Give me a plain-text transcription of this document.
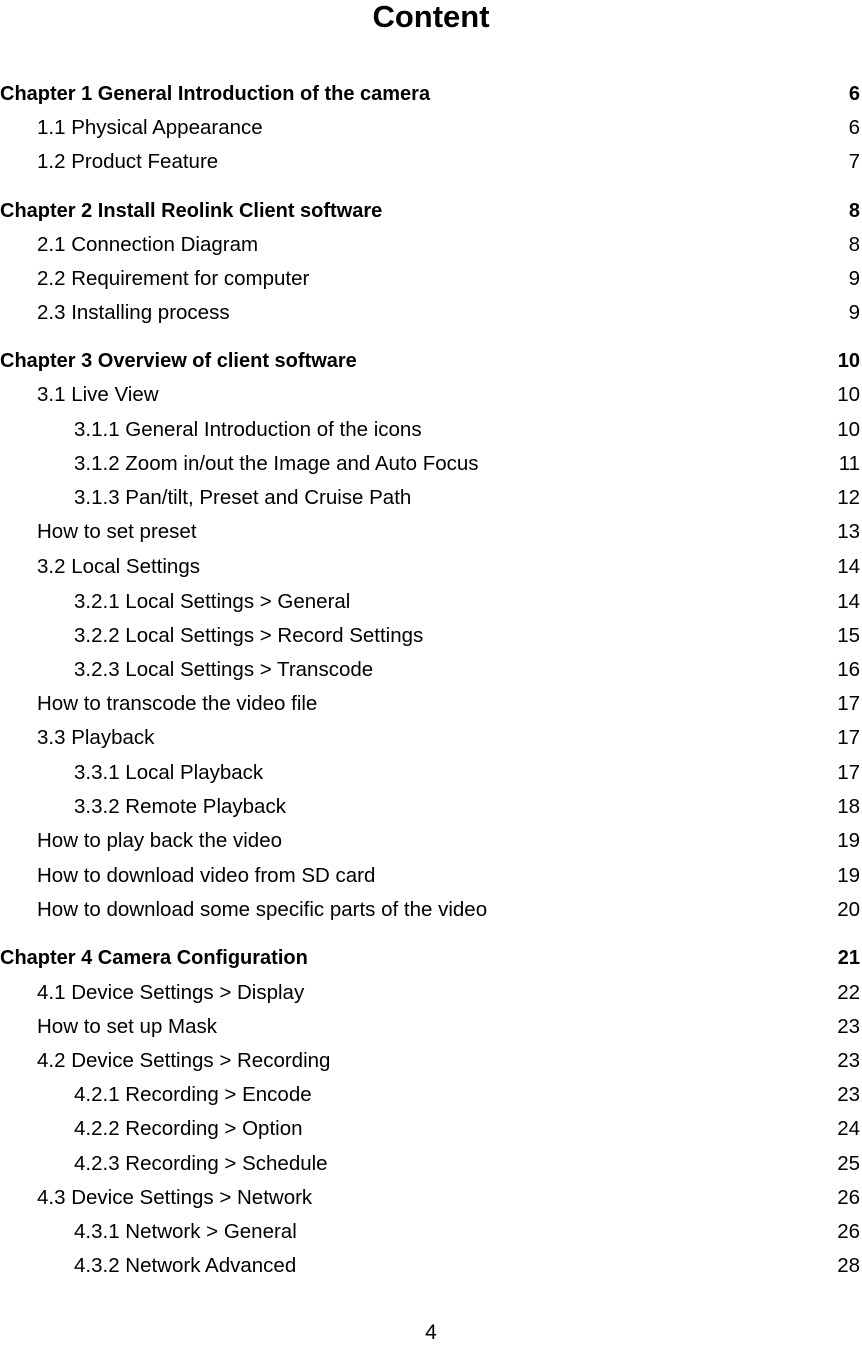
Content
Chapter 1 General Introduction of the camera	6
1.1 Physical Appearance	6
1.2 Product Feature	7
Chapter 2 Install Reolink Client software	8
2.1 Connection Diagram	8
2.2 Requirement for computer	9
2.3 Installing process	9
Chapter 3 Overview of client software	10
3.1 Live View	10
3.1.1 General Introduction of the icons	10
3.1.2 Zoom in/out the Image and Auto Focus	11
3.1.3 Pan/tilt, Preset and Cruise Path	12
How to set preset	13
3.2 Local Settings	14
3.2.1 Local Settings > General	14
3.2.2 Local Settings > Record Settings	15
3.2.3 Local Settings > Transcode	16
How to transcode the video file	17
3.3 Playback	17
3.3.1 Local Playback	17
3.3.2 Remote Playback	18
How to play back the video	19
How to download video from SD card	19
How to download some specific parts of the video	20
Chapter 4 Camera Configuration	21
4.1 Device Settings > Display	22
How to set up Mask	23
4.2 Device Settings > Recording	23
4.2.1 Recording > Encode	23
4.2.2 Recording > Option	24
4.2.3 Recording > Schedule	25
4.3 Device Settings > Network	26
4.3.1 Network > General	26
4.3.2 Network Advanced	28
4
